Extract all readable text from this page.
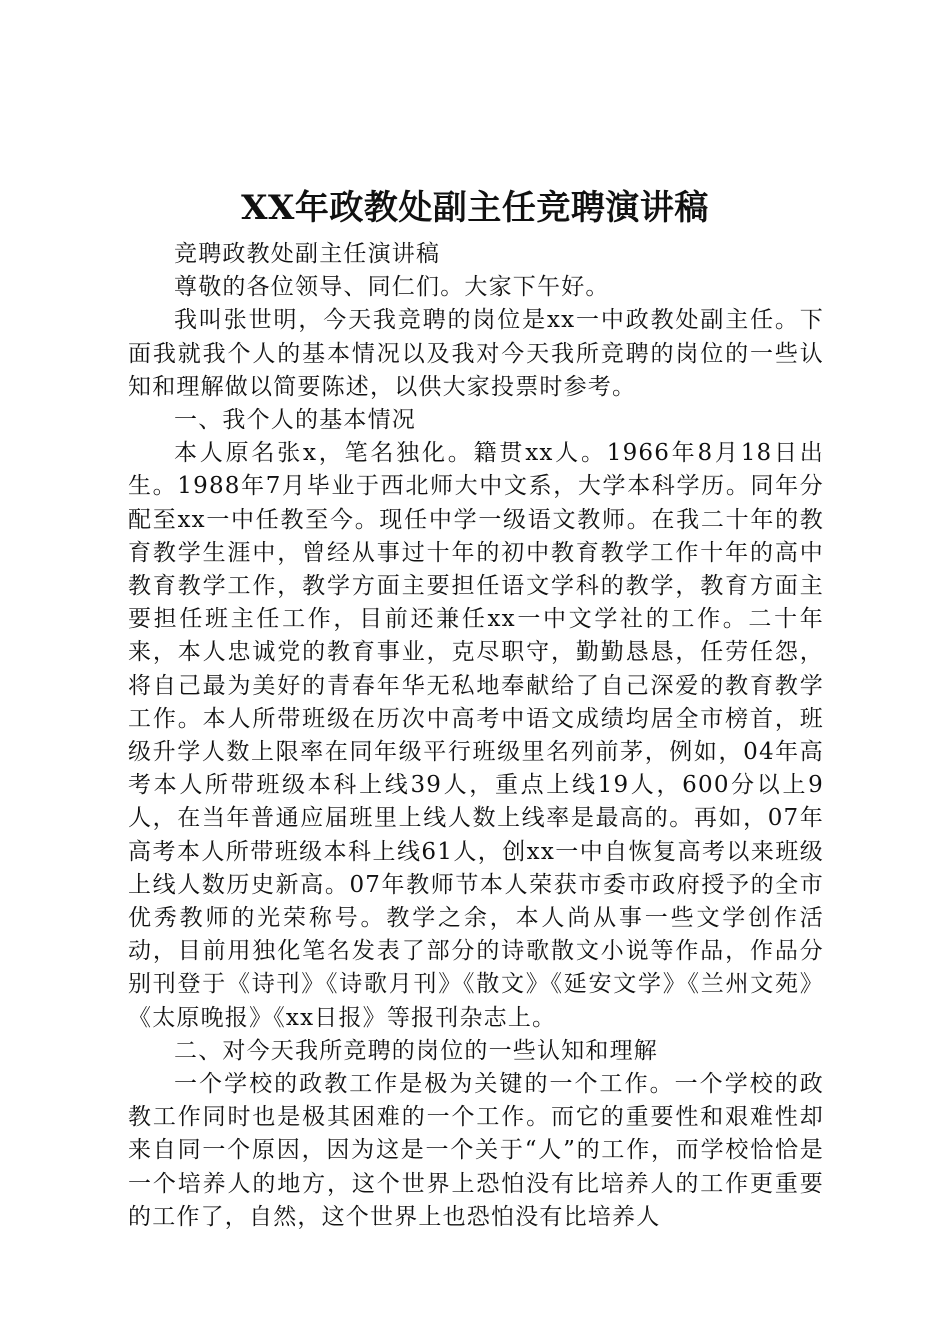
XX年政教处副主任竞聘演讲稿

竞聘政教处副主任演讲稿

尊敬的各位领导、同仁们。大家下午好。

我叫张世明，今天我竞聘的岗位是xx一中政教处副主任。下面我就我个人的基本情况以及我对今天我所竞聘的岗位的一些认知和理解做以简要陈述，以供大家投票时参考。

一、我个人的基本情况

本人原名张x，笔名独化。籍贯xx人。1966年8月18日出生。1988年7月毕业于西北师大中文系，大学本科学历。同年分配至xx一中任教至今。现任中学一级语文教师。在我二十年的教育教学生涯中，曾经从事过十年的初中教育教学工作十年的高中教育教学工作，教学方面主要担任语文学科的教学，教育方面主要担任班主任工作，目前还兼任xx一中文学社的工作。二十年来，本人忠诚党的教育事业，克尽职守，勤勤恳恳，任劳任怨，将自己最为美好的青春年华无私地奉献给了自己深爱的教育教学工作。本人所带班级在历次中高考中语文成绩均居全市榜首，班级升学人数上限率在同年级平行班级里名列前茅，例如，04年高考本人所带班级本科上线39人，重点上线19人，600分以上9人，在当年普通应届班里上线人数上线率是最高的。再如，07年高考本人所带班级本科上线61人，创xx一中自恢复高考以来班级上线人数历史新高。07年教师节本人荣获市委市政府授予的全市优秀教师的光荣称号。教学之余，本人尚从事一些文学创作活动，目前用独化笔名发表了部分的诗歌散文小说等作品，作品分别刊登于《诗刊》《诗歌月刊》《散文》《延安文学》《兰州文苑》《太原晚报》《xx日报》等报刊杂志上。

二、对今天我所竞聘的岗位的一些认知和理解

一个学校的政教工作是极为关键的一个工作。一个学校的政教工作同时也是极其困难的一个工作。而它的重要性和艰难性却来自同一个原因，因为这是一个关于“人”的工作，而学校恰恰是一个培养人的地方，这个世界上恐怕没有比培养人的工作更重要的工作了，自然，这个世界上也恐怕没有比培养人
